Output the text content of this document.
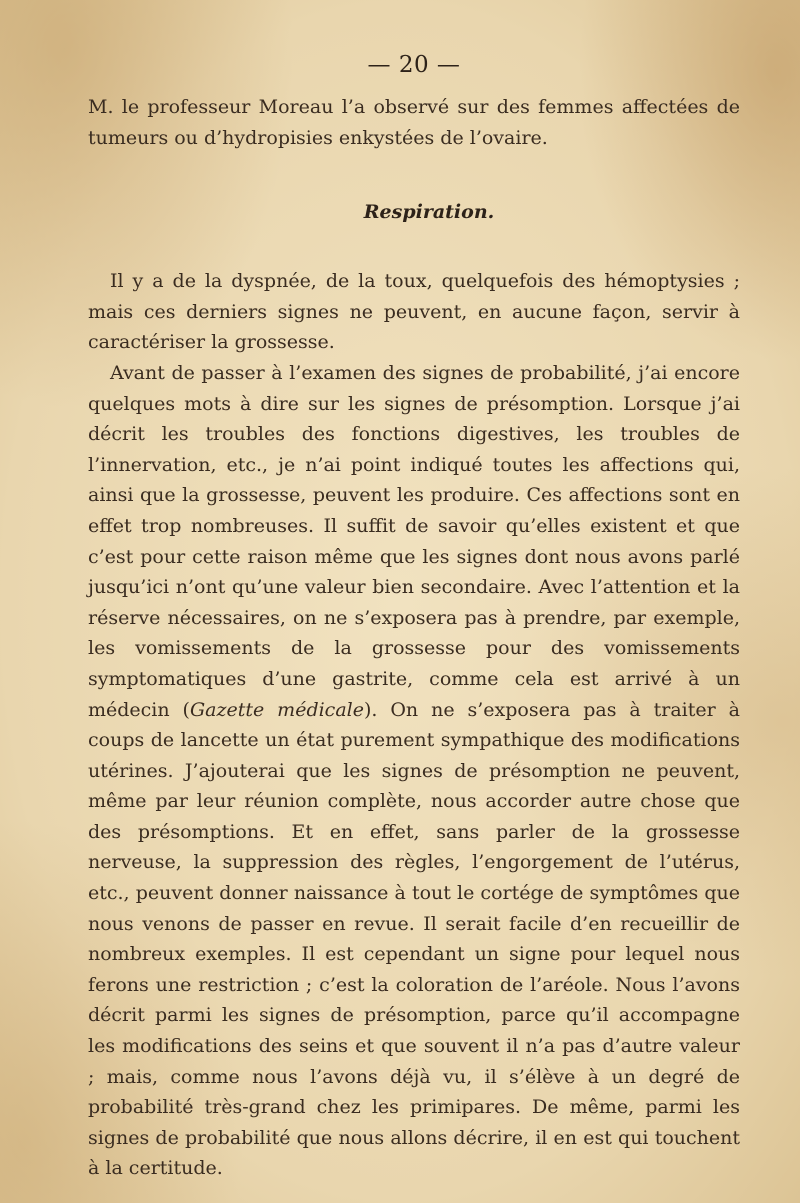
— 20 —

M. le professeur Moreau l’a observé sur des femmes affectées de tumeurs ou d’hydropisies enkystées de l’ovaire.

Respiration.

Il y a de la dyspnée, de la toux, quelquefois des hémoptysies ; mais ces derniers signes ne peuvent, en aucune façon, servir à caractériser la grossesse.

Avant de passer à l’examen des signes de probabilité, j’ai encore quelques mots à dire sur les signes de présomption. Lorsque j’ai décrit les troubles des fonctions digestives, les troubles de l’innervation, etc., je n’ai point indiqué toutes les affections qui, ainsi que la grossesse, peuvent les produire. Ces affections sont en effet trop nombreuses. Il suffit de savoir qu’elles existent et que c’est pour cette raison même que les signes dont nous avons parlé jusqu’ici n’ont qu’une valeur bien secondaire. Avec l’attention et la réserve nécessaires, on ne s’exposera pas à prendre, par exemple, les vomissements de la grossesse pour des vomissements symptomatiques d’une gastrite, comme cela est arrivé à un médecin (Gazette médicale). On ne s’exposera pas à traiter à coups de lancette un état purement sympathique des modifications utérines. J’ajouterai que les signes de présomption ne peuvent, même par leur réunion complète, nous accorder autre chose que des présomptions. Et en effet, sans parler de la grossesse nerveuse, la suppression des règles, l’engorgement de l’utérus, etc., peuvent donner naissance à tout le cortége de symptômes que nous venons de passer en revue. Il serait facile d’en recueillir de nombreux exemples. Il est cependant un signe pour lequel nous ferons une restriction ; c’est la coloration de l’aréole. Nous l’avons décrit parmi les signes de présomption, parce qu’il accompagne les modifications des seins et que souvent il n’a pas d’autre valeur ; mais, comme nous l’avons déjà vu, il s’élève à un degré de probabilité très-grand chez les primipares. De même, parmi les signes de probabilité que nous allons décrire, il en est qui touchent à la certitude.
